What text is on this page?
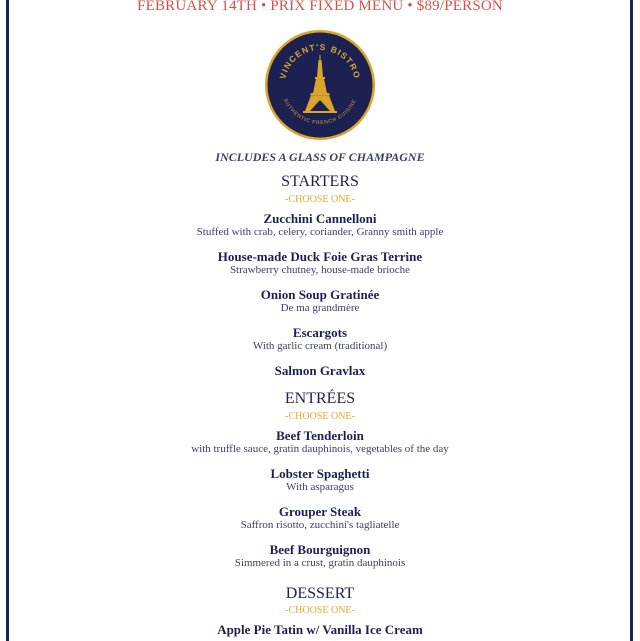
FEBRUARY 14TH • PRIX FIXED MENU • $89/PERSON
VINCENT'S BISTRO
AUTHENTIC FRENCH CUISINE
INCLUDES A GLASS OF CHAMPAGNE
STARTERS
-CHOOSE ONE-
Zucchini Cannelloni
Stuffed with crab, celery, coriander, Granny smith apple
House-made Duck Foie Gras Terrine
Strawberry chutney, house-made brioche
Onion Soup Gratinée
De ma grandmère
Escargots
With garlic cream (traditional)
Salmon Gravlax
ENTRÉES
-CHOOSE ONE-
Beef Tenderloin
with truffle sauce, gratin dauphinois, vegetables of the day
Lobster Spaghetti
With asparagus
Grouper Steak
Saffron risotto, zucchini's tagliatelle
Beef Bourguignon
Simmered in a crust, gratin dauphinois
DESSERT
-CHOOSE ONE-
Apple Pie Tatin w/ Vanilla Ice Cream
